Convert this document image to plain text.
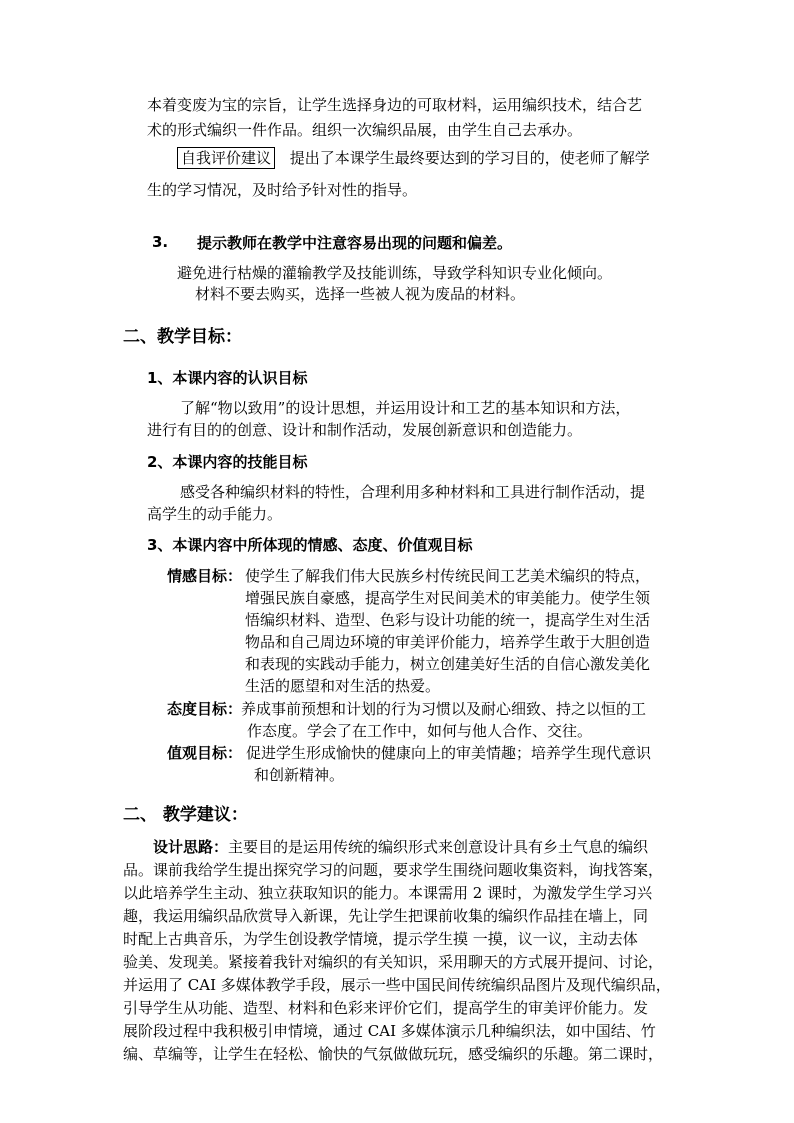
本着变废为宝的宗旨，让学生选择身边的可取材料，运用编织技术，结合艺
术的形式编织一件作品。组织一次编织品展，由学生自己去承办。
自我评价建议 提出了本课学生最终要达到的学习目的，使老师了解学
生的学习情况，及时给予针对性的指导。
3. 提示教师在教学中注意容易出现的问题和偏差。
避免进行枯燥的灌输教学及技能训练，导致学科知识专业化倾向。
材料不要去购买，选择一些被人视为废品的材料。
二、教学目标：
1、本课内容的认识目标
了解“物以致用”的设计思想，并运用设计和工艺的基本知识和方法，
进行有目的的创意、设计和制作活动，发展创新意识和创造能力。
2、本课内容的技能目标
感受各种编织材料的特性，合理利用多种材料和工具进行制作活动，提
高学生的动手能力。
3、本课内容中所体现的情感、态度、价值观目标
情感目标： 使学生了解我们伟大民族乡村传统民间工艺美术编织的特点，
增强民族自豪感，提高学生对民间美术的审美能力。使学生领
悟编织材料、造型、色彩与设计功能的统一，提高学生对生活
物品和自己周边环境的审美评价能力，培养学生敢于大胆创造
和表现的实践动手能力，树立创建美好生活的自信心激发美化
生活的愿望和对生活的热爱。
态度目标：
养成事前预想和计划的行为习惯以及耐心细致、持之以恒的工
作态度。学会了在工作中，如何与他人合作、交往。
值观目标： 促进学生形成愉快的健康向上的审美情趣；培养学生现代意识
和创新精神。
二、 教学建议：
设计思路：主要目的是运用传统的编织形式来创意设计具有乡土气息的编织
品。课前我给学生提出探究学习的问题，要求学生围绕问题收集资料，询找答案，
以此培养学生主动、独立获取知识的能力。本课需用 2 课时，为激发学生学习兴
趣，我运用编织品欣赏导入新课，先让学生把课前收集的编织作品挂在墙上，同
时配上古典音乐，为学生创设教学情境，提示学生摸 一摸，议一议，主动去体
验美、发现美。紧接着我针对编织的有关知识，采用聊天的方式展开提问、讨论，
并运用了 CAI 多媒体教学手段，展示一些中国民间传统编织品图片及现代编织品，
引导学生从功能、造型、材料和色彩来评价它们，提高学生的审美评价能力。发
展阶段过程中我积极引申情境，通过 CAI 多媒体演示几种编织法，如中国结、竹
编、草编等，让学生在轻松、愉快的气氛做做玩玩，感受编织的乐趣。第二课时，
